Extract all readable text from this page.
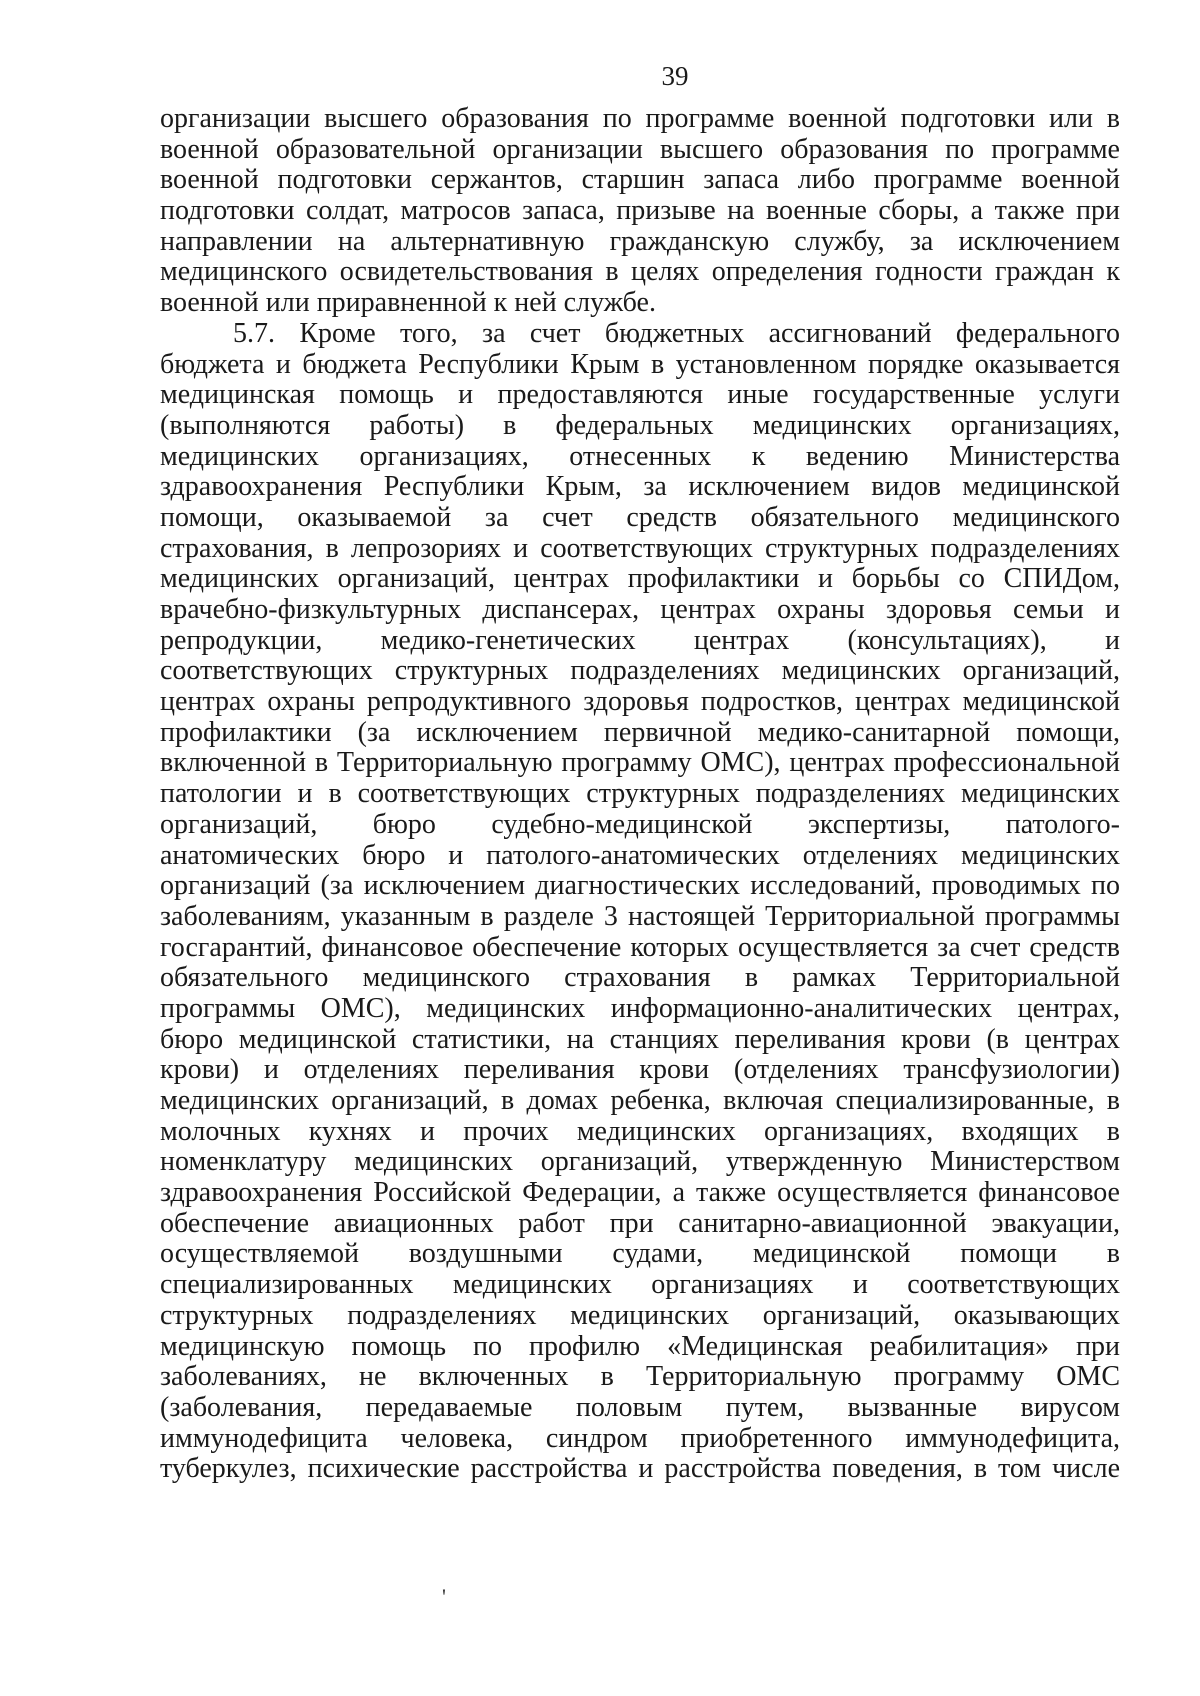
39
организации высшего образования по программе военной подготовки или в
военной образовательной организации высшего образования по программе
военной подготовки сержантов, старшин запаса либо программе военной
подготовки солдат, матросов запаса, призыве на военные сборы, а также при
направлении на альтернативную гражданскую службу, за исключением
медицинского освидетельствования в целях определения годности граждан к
военной или приравненной к ней службе.
5.7. Кроме того, за счет бюджетных ассигнований федерального
бюджета и бюджета Республики Крым в установленном порядке оказывается
медицинская помощь и предоставляются иные государственные услуги
(выполняются работы) в федеральных медицинских организациях,
медицинских организациях, отнесенных к ведению Министерства
здравоохранения Республики Крым, за исключением видов медицинской
помощи, оказываемой за счет средств обязательного медицинского
страхования, в лепрозориях и соответствующих структурных подразделениях
медицинских организаций, центрах профилактики и борьбы со СПИДом,
врачебно-физкультурных диспансерах, центрах охраны здоровья семьи и
репродукции, медико-генетических центрах (консультациях), и
соответствующих структурных подразделениях медицинских организаций,
центрах охраны репродуктивного здоровья подростков, центрах медицинской
профилактики (за исключением первичной медико-санитарной помощи,
включенной в Территориальную программу ОМС), центрах профессиональной
патологии и в соответствующих структурных подразделениях медицинских
организаций, бюро судебно-медицинской экспертизы, патолого-
анатомических бюро и патолого-анатомических отделениях медицинских
организаций (за исключением диагностических исследований, проводимых по
заболеваниям, указанным в разделе 3 настоящей Территориальной программы
госгарантий, финансовое обеспечение которых осуществляется за счет средств
обязательного медицинского страхования в рамках Территориальной
программы ОМС), медицинских информационно-аналитических центрах,
бюро медицинской статистики, на станциях переливания крови (в центрах
крови) и отделениях переливания крови (отделениях трансфузиологии)
медицинских организаций, в домах ребенка, включая специализированные, в
молочных кухнях и прочих медицинских организациях, входящих в
номенклатуру медицинских организаций, утвержденную Министерством
здравоохранения Российской Федерации, а также осуществляется финансовое
обеспечение авиационных работ при санитарно-авиационной эвакуации,
осуществляемой воздушными судами, медицинской помощи в
специализированных медицинских организациях и соответствующих
структурных подразделениях медицинских организаций, оказывающих
медицинскую помощь по профилю «Медицинская реабилитация» при
заболеваниях, не включенных в Территориальную программу ОМС
(заболевания, передаваемые половым путем, вызванные вирусом
иммунодефицита человека, синдром приобретенного иммунодефицита,
туберкулез, психические расстройства и расстройства поведения, в том числе
'
